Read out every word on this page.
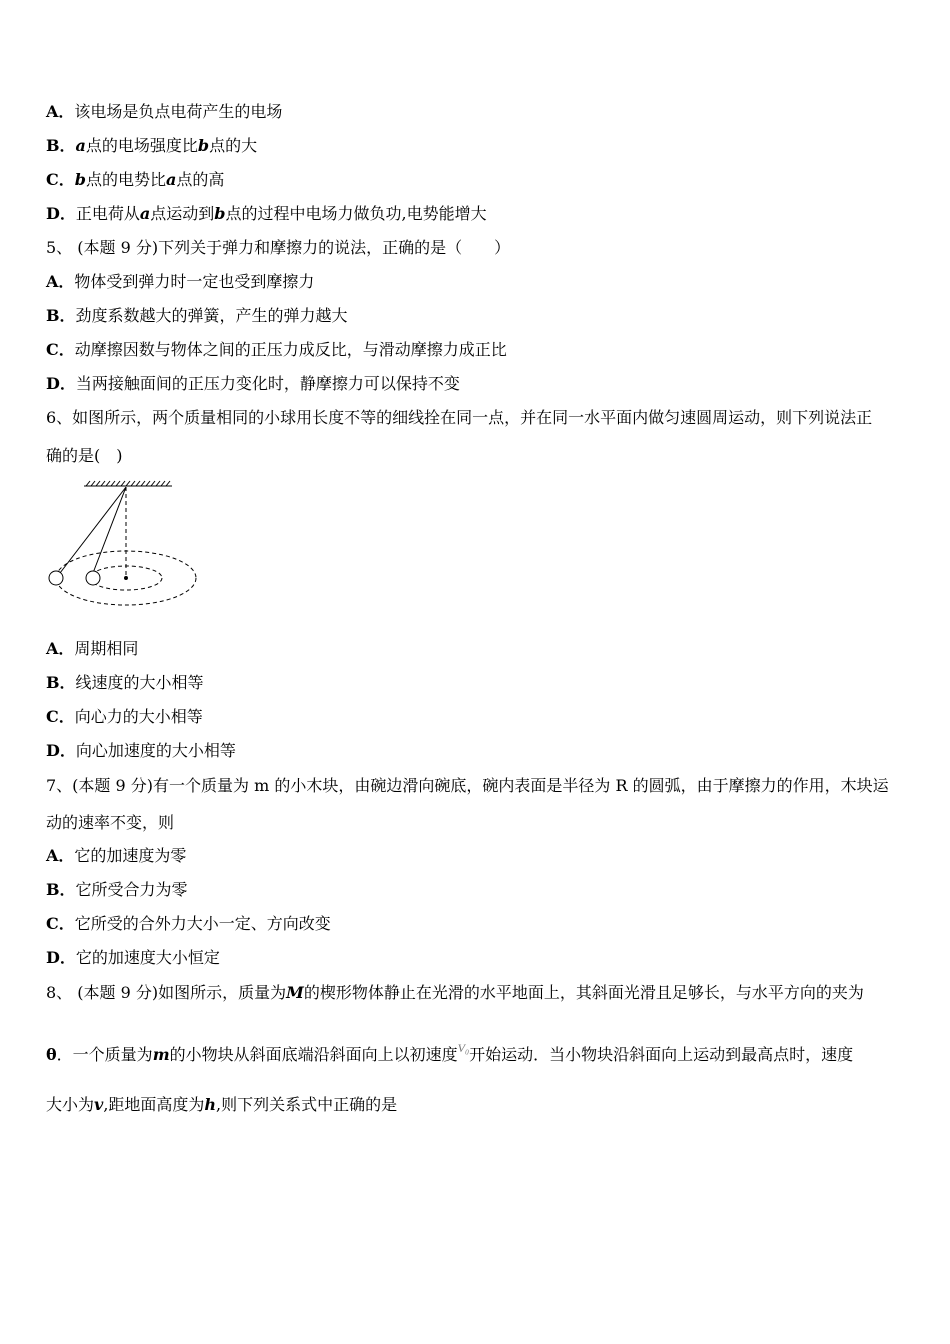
A．该电场是负点电荷产生的电场
B．a点的电场强度比b点的大
C．b点的电势比a点的高
D．正电荷从a点运动到b点的过程中电场力做负功,电势能增大
5、 (本题 9 分)下列关于弹力和摩擦力的说法，正确的是（　　）
A．物体受到弹力时一定也受到摩擦力
B．劲度系数越大的弹簧，产生的弹力越大
C．动摩擦因数与物体之间的正压力成反比，与滑动摩擦力成正比
D．当两接触面间的正压力变化时，静摩擦力可以保持不变
6、如图所示，两个质量相同的小球用长度不等的细线拴在同一点，并在同一水平面内做匀速圆周运动，则下列说法正
确的是(　)
A．周期相同
B．线速度的大小相等
C．向心力的大小相等
D．向心加速度的大小相等
7、(本题 9 分)有一个质量为 m 的小木块，由碗边滑向碗底，碗内表面是半径为 R 的圆弧，由于摩擦力的作用，木块运
动的速率不变，则
A．它的加速度为零
B．它所受合力为零
C．它所受的合外力大小一定、方向改变
D．它的加速度大小恒定
8、 (本题 9 分)如图所示，质量为M的楔形物体静止在光滑的水平地面上，其斜面光滑且足够长，与水平方向的夹为
θ．一个质量为m的小物块从斜面底端沿斜面向上以初速度$^{V_0}$开始运动．当小物块沿斜面向上运动到最高点时，速度
大小为v,距地面高度为h,则下列关系式中正确的是
